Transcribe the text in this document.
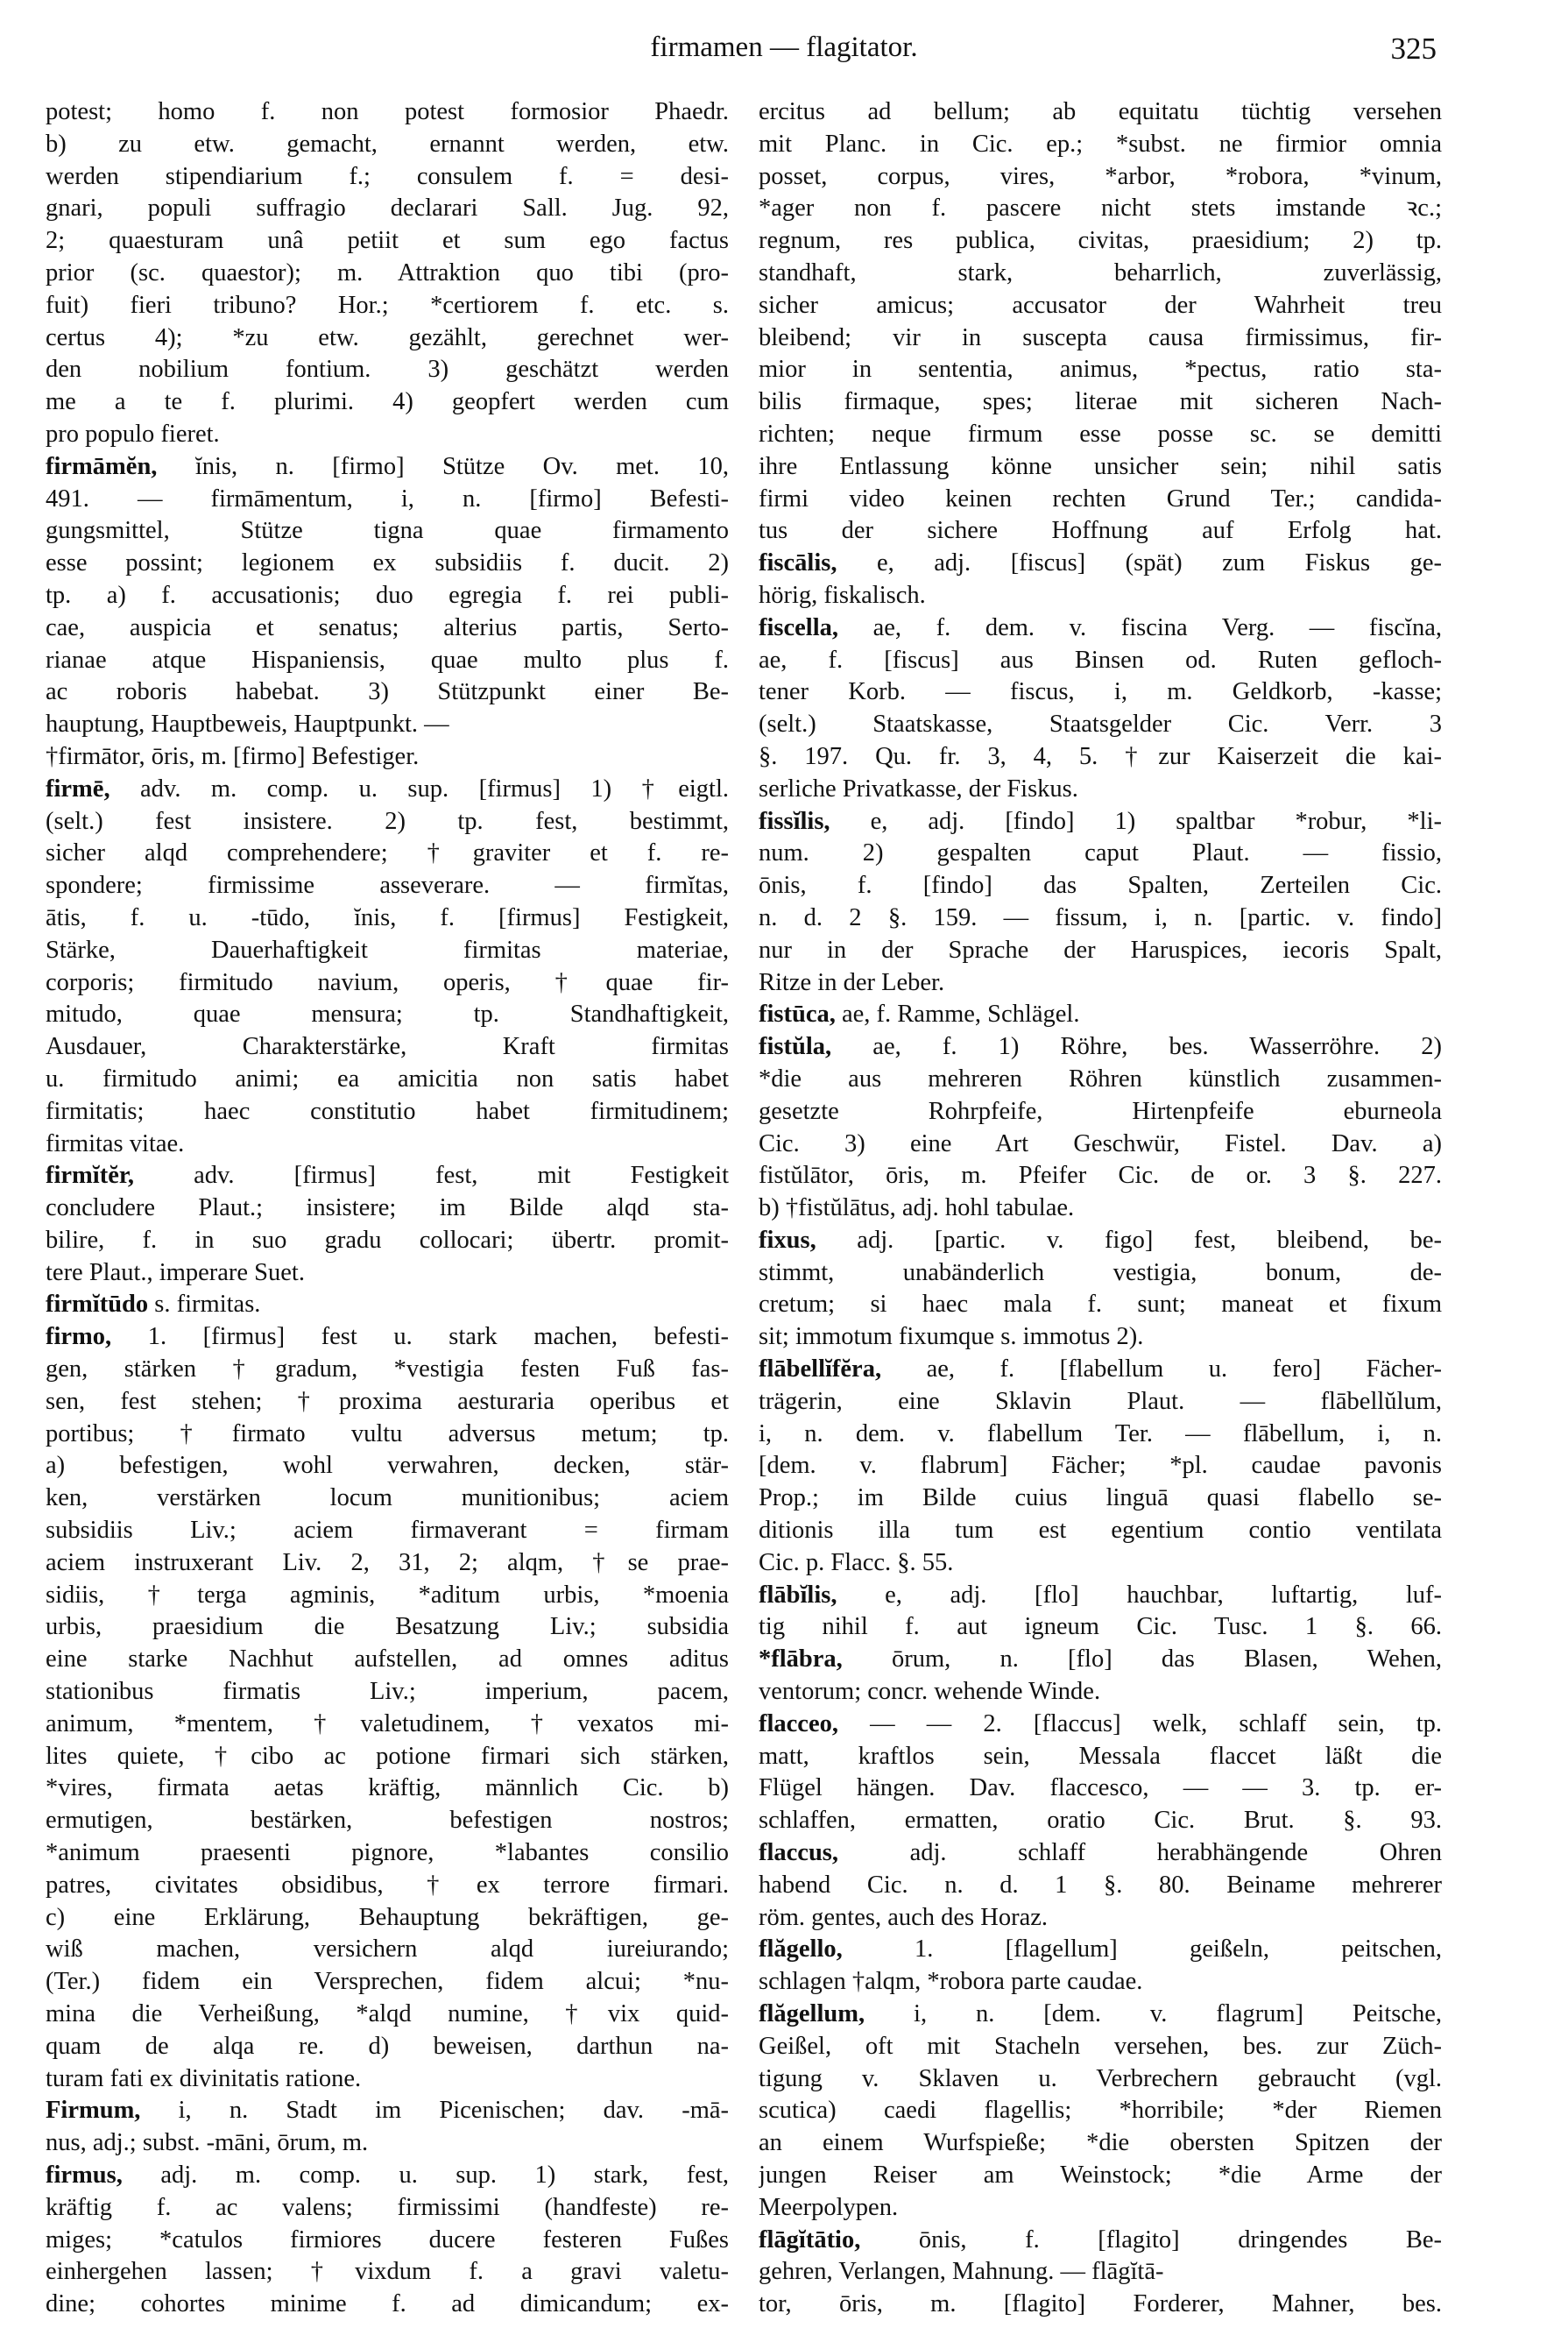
firmamen — flagitator.	325
potest; homo f. non potest formosior Phaedr.
b) zu etw. gemacht, ernannt werden, etw.
werden stipendiarium f.; consulem f. = desi-
gnari, populi suffragio declarari Sall. Jug. 92,
2; quaesturam unâ petiit et sum ego factus
prior (sc. quaestor); m. Attraktion quo tibi (pro-
fuit) fieri tribuno? Hor.; *certiorem f. etc. s.
certus 4); *zu etw. gezählt, gerechnet wer-
den nobilium fontium. 3) geschätzt werden
me a te f. plurimi. 4) geopfert werden cum
pro populo fieret.
firmāmĕn, ĭnis, n. [firmo] Stütze Ov. met. 10,
491. — firmāmentum, i, n. [firmo] Befesti-
gungsmittel, Stütze tigna quae firmamento
esse possint; legionem ex subsidiis f. ducit. 2)
tp. a) f. accusationis; duo egregia f. rei publi-
cae, auspicia et senatus; alterius partis, Serto-
rianae atque Hispaniensis, quae multo plus f.
ac roboris habebat. 3) Stützpunkt einer Be-
hauptung, Hauptbeweis, Hauptpunkt. —
†firmātor, ōris, m. [firmo] Befestiger.
firmē, adv. m. comp. u. sup. [firmus] 1) †eigtl.
(selt.) fest insistere. 2) tp. fest, bestimmt,
sicher alqd comprehendere; †graviter et f. re-
spondere; firmissime asseverare. — firmĭtas,
ātis, f. u. -tūdo, ĭnis, f. [firmus] Festigkeit,
Stärke, Dauerhaftigkeit firmitas materiae,
corporis; firmitudo navium, operis, †quae fir-
mitudo, quae mensura; tp. Standhaftigkeit,
Ausdauer, Charakterstärke, Kraft firmitas
u. firmitudo animi; ea amicitia non satis habet
firmitatis; haec constitutio habet firmitudinem;
firmitas vitae.
firmĭtĕr, adv. [firmus] fest, mit Festigkeit
concludere Plaut.; insistere; im Bilde alqd sta-
bilire, f. in suo gradu collocari; übertr. promit-
tere Plaut., imperare Suet.
firmĭtūdo s. firmitas.
firmo, 1. [firmus] fest u. stark machen, befesti-
gen, stärken †gradum, *vestigia festen Fuß fas-
sen, fest stehen; †proxima aesturaria operibus et
portibus; †firmato vultu adversus metum; tp.
a) befestigen, wohl verwahren, decken, stär-
ken, verstärken locum munitionibus; aciem
subsidiis Liv.; aciem firmaverant = firmam
aciem instruxerant Liv. 2, 31, 2; alqm, †se prae-
sidiis, †terga agminis, *aditum urbis, *moenia
urbis, praesidium die Besatzung Liv.; subsidia
eine starke Nachhut aufstellen, ad omnes aditus
stationibus firmatis Liv.; imperium, pacem,
animum, *mentem, †valetudinem, †vexatos mi-
lites quiete, †cibo ac potione firmari sich stärken,
*vires, firmata aetas kräftig, männlich Cic. b)
ermutigen, bestärken, befestigen nostros;
*animum praesenti pignore, *labantes consilio
patres, civitates obsidibus, †ex terrore firmari.
c) eine Erklärung, Behauptung bekräftigen, ge-
wiß machen, versichern alqd iureiurando;
(Ter.) fidem ein Versprechen, fidem alcui; *nu-
mina die Verheißung, *alqd numine, †vix quid-
quam de alqa re. d) beweisen, darthun na-
turam fati ex divinitatis ratione.
Firmum, i, n. Stadt im Picenischen; dav. -mā-
nus, adj.; subst. -māni, ōrum, m.
firmus, adj. m. comp. u. sup. 1) stark, fest,
kräftig f. ac valens; firmissimi (handfeste) re-
miges; *catulos firmiores ducere festeren Fußes
einhergehen lassen; †vixdum f. a gravi valetu-
dine; cohortes minime f. ad dimicandum; ex-
ercitus ad bellum; ab equitatu tüchtig versehen
mit Planc. in Cic. ep.; *subst. ne firmior omnia
posset, corpus, vires, *arbor, *robora, *vinum,
*ager non f. pascere nicht stets imstande ꝛc.;
regnum, res publica, civitas, praesidium; 2) tp.
standhaft, stark, beharrlich, zuverlässig,
sicher amicus; accusator der Wahrheit treu
bleibend; vir in suscepta causa firmissimus, fir-
mior in sententia, animus, *pectus, ratio sta-
bilis firmaque, spes; literae mit sicheren Nach-
richten; neque firmum esse posse sc. se demitti
ihre Entlassung könne unsicher sein; nihil satis
firmi video keinen rechten Grund Ter.; candida-
tus der sichere Hoffnung auf Erfolg hat.
fiscālis, e, adj. [fiscus] (spät) zum Fiskus ge-
hörig, fiskalisch.
fiscella, ae, f. dem. v. fiscina Verg. — fiscĭna,
ae, f. [fiscus] aus Binsen od. Ruten gefloch-
tener Korb. — fiscus, i, m. Geldkorb, -kasse;
(selt.) Staatskasse, Staatsgelder Cic. Verr. 3
§. 197. Qu. fr. 3, 4, 5. †zur Kaiserzeit die kai-
serliche Privatkasse, der Fiskus.
fissĭlis, e, adj. [findo] 1) spaltbar *robur, *li-
num. 2) gespalten caput Plaut. — fissio,
ōnis, f. [findo] das Spalten, Zerteilen Cic.
n. d. 2 §. 159. — fissum, i, n. [partic. v. findo]
nur in der Sprache der Haruspices, iecoris Spalt,
Ritze in der Leber.
fistūca, ae, f. Ramme, Schlägel.
fistŭla, ae, f. 1) Röhre, bes. Wasserröhre. 2)
*die aus mehreren Röhren künstlich zusammen-
gesetzte Rohrpfeife, Hirtenpfeife eburneola
Cic. 3) eine Art Geschwür, Fistel. Dav. a)
fistŭlātor, ōris, m. Pfeifer Cic. de or. 3 §. 227.
b) †fistŭlātus, adj. hohl tabulae.
fixus, adj. [partic. v. figo] fest, bleibend, be-
stimmt, unabänderlich vestigia, bonum, de-
cretum; si haec mala f. sunt; maneat et fixum
sit; immotum fixumque s. immotus 2).
flābellĭfĕra, ae, f. [flabellum u. fero] Fächer-
trägerin, eine Sklavin Plaut. — flābellŭlum,
i, n. dem. v. flabellum Ter. — flābellum, i, n.
[dem. v. flabrum] Fächer; *pl. caudae pavonis
Prop.; im Bilde cuius linguā quasi flabello se-
ditionis illa tum est egentium contio ventilata
Cic. p. Flacc. §. 55.
flābĭlis, e, adj. [flo] hauchbar, luftartig, luf-
tig nihil f. aut igneum Cic. Tusc. 1 §. 66.
*flābra, ōrum, n. [flo] das Blasen, Wehen,
ventorum; concr. wehende Winde.
flacceo, — — 2. [flaccus] welk, schlaff sein, tp.
matt, kraftlos sein, Messala flaccet läßt die
Flügel hängen. Dav. flaccesco, — — 3. tp. er-
schlaffen, ermatten, oratio Cic. Brut. §. 93.
flaccus, adj. schlaff herabhängende Ohren
habend Cic. n. d. 1 §. 80. Beiname mehrerer
röm. gentes, auch des Horaz.
flăgello, 1. [flagellum] geißeln, peitschen,
schlagen †alqm, *robora parte caudae.
flăgellum, i, n. [dem. v. flagrum] Peitsche,
Geißel, oft mit Stacheln versehen, bes. zur Züch-
tigung v. Sklaven u. Verbrechern gebraucht (vgl.
scutica) caedi flagellis; *horribile; *der Riemen
an einem Wurfspieße; *die obersten Spitzen der
jungen Reiser am Weinstock; *die Arme der
Meerpolypen.
flāgĭtātio, ōnis, f. [flagito] dringendes Be-
gehren, Verlangen, Mahnung. — flāgĭtā-
tor, ōris, m. [flagito] Forderer, Mahner, bes.
